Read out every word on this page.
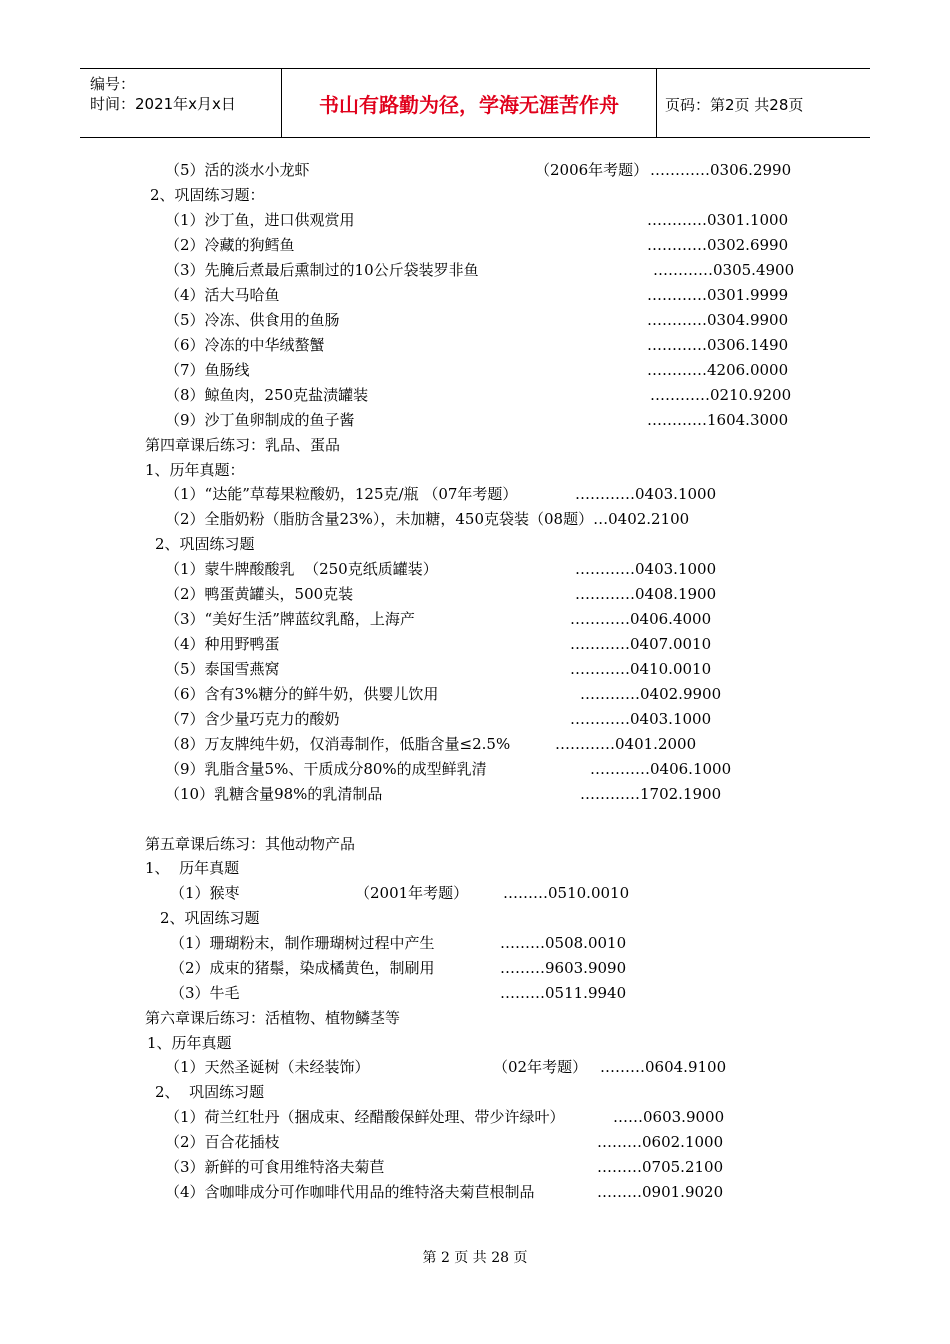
编号：
时间：2021年x月x日	书山有路勤为径，学海无涯苦作舟	页码：第2页 共28页
（5）活的淡水小龙虾	（2006年考题） …………0306.2990
2、巩固练习题：
（1）沙丁鱼，进口供观赏用	…………0301.1000
（2）冷藏的狗鳕鱼	…………0302.6990
（3）先腌后煮最后熏制过的10公斤袋装罗非鱼	…………0305.4900
（4）活大马哈鱼	…………0301.9999
（5）冷冻、供食用的鱼肠	…………0304.9900
（6）冷冻的中华绒螯蟹	…………0306.1490
（7）鱼肠线	…………4206.0000
（8）鲸鱼肉，250克盐渍罐装	…………0210.9200
（9）沙丁鱼卵制成的鱼子酱	…………1604.3000
第四章课后练习：乳品、蛋品
1、历年真题：
（1）“达能”草莓果粒酸奶，125克/瓶 （07年考题）	…………0403.1000
（2）全脂奶粉（脂肪含量23%），未加糖，450克袋装（08题）…0402.2100
2、巩固练习题
（1）蒙牛牌酸酸乳  （250克纸质罐装）	…………0403.1000
（2）鸭蛋黄罐头，500克装	…………0408.1900
（3）“美好生活”牌蓝纹乳酪，上海产	…………0406.4000
（4）种用野鸭蛋	…………0407.0010
（5）泰国雪燕窝	…………0410.0010
（6）含有3%糖分的鲜牛奶，供婴儿饮用	…………0402.9900
（7）含少量巧克力的酸奶	…………0403.1000
（8）万友牌纯牛奶，仅消毒制作，低脂含量≤2.5%	…………0401.2000
（9）乳脂含量5%、干质成分80%的成型鲜乳清	…………0406.1000
（10）乳糖含量98%的乳清制品	…………1702.1900
第五章课后练习：其他动物产品
1、  历年真题
（1）猴枣	（2001年考题） ………0510.0010
2、巩固练习题
（1）珊瑚粉末，制作珊瑚树过程中产生	………0508.0010
（2）成束的猪鬃，染成橘黄色，制刷用	………9603.9090
（3）牛毛	………0511.9940
第六章课后练习：活植物、植物鳞茎等
1、历年真题
（1）天然圣诞树（未经装饰）	（02年考题） ………0604.9100
2、  巩固练习题
（1）荷兰红牡丹（捆成束、经醋酸保鲜处理、带少许绿叶）	……0603.9000
（2）百合花插枝	………0602.1000
（3）新鲜的可食用维特洛夫菊苣	………0705.2100
（4）含咖啡成分可作咖啡代用品的维特洛夫菊苣根制品	………0901.9020
第 2 页 共 28 页
